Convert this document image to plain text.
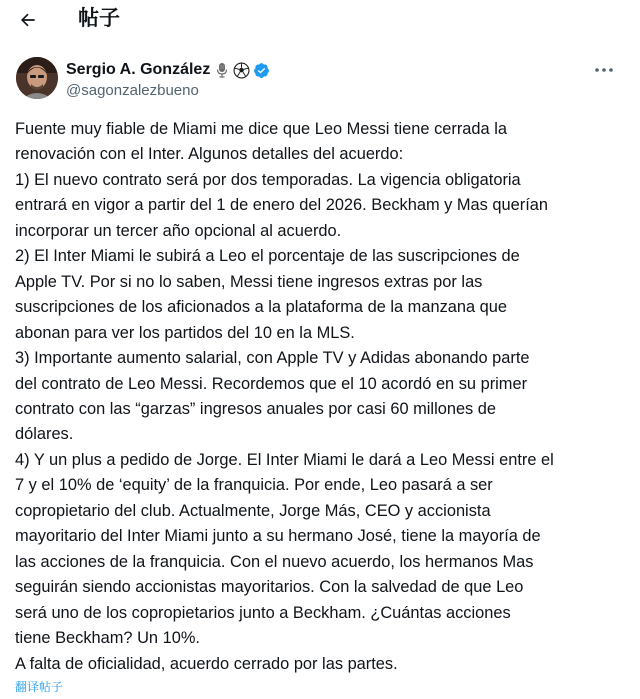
帖子
Sergio A. González
@sagonzalezbueno
Fuente muy fiable de Miami me dice que Leo Messi tiene cerrada la
renovación con el Inter. Algunos detalles del acuerdo:
1) El nuevo contrato será por dos temporadas. La vigencia obligatoria
entrará en vigor a partir del 1 de enero del 2026. Beckham y Mas querían
incorporar un tercer año opcional al acuerdo.
2) El Inter Miami le subirá a Leo el porcentaje de las suscripciones de
Apple TV. Por si no lo saben, Messi tiene ingresos extras por las
suscripciones de los aficionados a la plataforma de la manzana que
abonan para ver los partidos del 10 en la MLS.
3) Importante aumento salarial, con Apple TV y Adidas abonando parte
del contrato de Leo Messi. Recordemos que el 10 acordó en su primer
contrato con las “garzas” ingresos anuales por casi 60 millones de
dólares.
4) Y un plus a pedido de Jorge. El Inter Miami le dará a Leo Messi entre el
7 y el 10% de ‘equity’ de la franquicia. Por ende, Leo pasará a ser
copropietario del club. Actualmente, Jorge Más, CEO y accionista
mayoritario del Inter Miami junto a su hermano José, tiene la mayoría de
las acciones de la franquicia. Con el nuevo acuerdo, los hermanos Mas
seguirán siendo accionistas mayoritarios. Con la salvedad de que Leo
será uno de los copropietarios junto a Beckham. ¿Cuántas acciones
tiene Beckham? Un 10%.
A falta de oficialidad, acuerdo cerrado por las partes.
翻译帖子
